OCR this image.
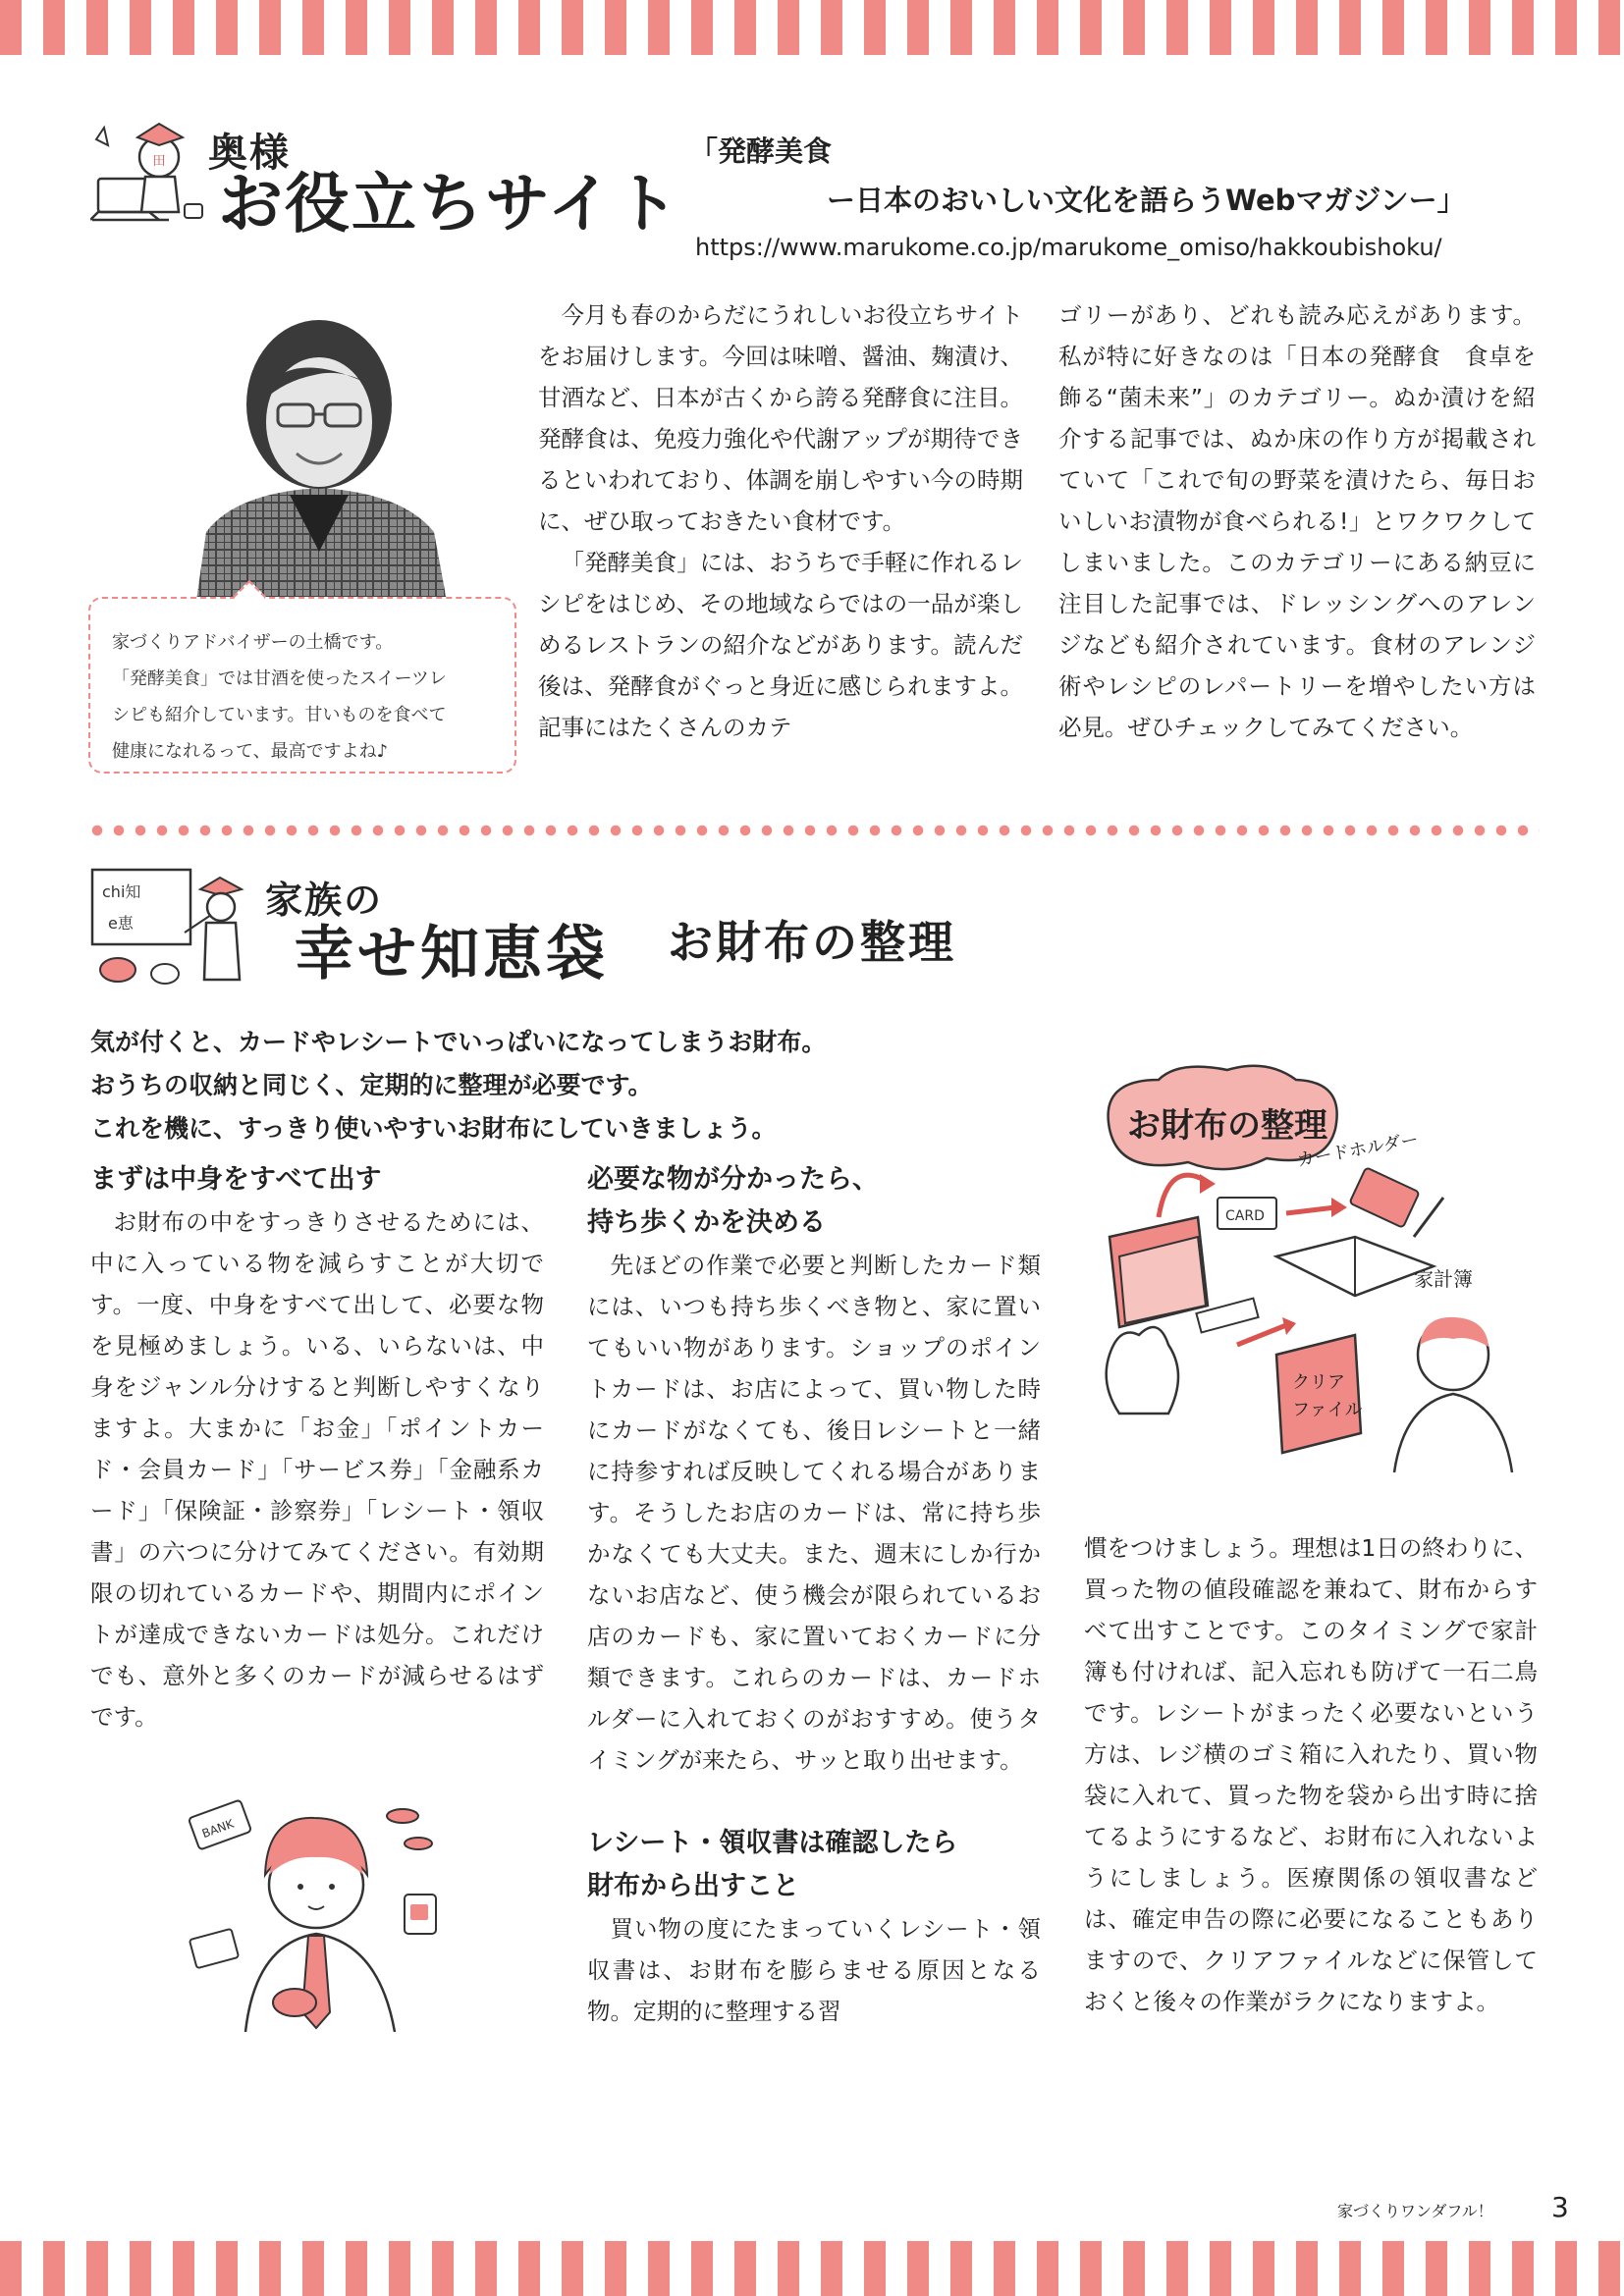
田 奥様
お役立ちサイト
「発酵美食
ー日本のおいしい文化を語らうWebマガジンー」
https://www.marukome.co.jp/marukome_omiso/hakkoubishoku/
家づくりアドバイザーの土橋です。
「発酵美食」では甘酒を使ったスイーツレ
シピも紹介しています。甘いものを食べて
健康になれるって、最高ですよね♪

今月も春のからだにうれしいお役立ちサイトをお届けします。今回は味噌、醤油、麹漬け、甘酒など、日本が古くから誇る発酵食に注目。発酵食は、免疫力強化や代謝アップが期待できるといわれており、体調を崩しやすい今の時期に、ぜひ取っておきたい食材です。

「発酵美食」には、おうちで手軽に作れるレシピをはじめ、その地域ならではの一品が楽しめるレストランの紹介などがあります。読んだ後は、発酵食がぐっと身近に感じられますよ。記事にはたくさんのカテ

ゴリーがあり、どれも読み応えがあります。私が特に好きなのは「日本の発酵食　食卓を飾る“菌未来”」のカテゴリー。ぬか漬けを紹介する記事では、ぬか床の作り方が掲載されていて「これで旬の野菜を漬けたら、毎日おいしいお漬物が食べられる!」とワクワクしてしまいました。このカテゴリーにある納豆に注目した記事では、ドレッシングへのアレンジなども紹介されています。食材のアレンジ術やレシピのレパートリーを増やしたい方は必見。ぜひチェックしてみてください。

chi知
e恵
家族の
幸せ知恵袋 お財布の整理
気が付くと、カードやレシートでいっぱいになってしまうお財布。
おうちの収納と同じく、定期的に整理が必要です。
これを機に、すっきり使いやすいお財布にしていきましょう。
まずは中身をすべて出す

お財布の中をすっきりさせるためには、中に入っている物を減らすことが大切です。一度、中身をすべて出して、必要な物を見極めましょう。いる、いらないは、中身をジャンル分けすると判断しやすくなりますよ。大まかに「お金」「ポイントカード・会員カード」「サービス券」「金融系カード」「保険証・診察券」「レシート・領収書」の六つに分けてみてください。有効期限の切れているカードや、期間内にポイントが達成できないカードは処分。これだけでも、意外と多くのカードが減らせるはずです。

BANK
必要な物が分かったら、
持ち歩くかを決める

先ほどの作業で必要と判断したカード類には、いつも持ち歩くべき物と、家に置いてもいい物があります。ショップのポイントカードは、お店によって、買い物した時にカードがなくても、後日レシートと一緒に持参すれば反映してくれる場合があります。そうしたお店のカードは、常に持ち歩かなくても大丈夫。また、週末にしか行かないお店など、使う機会が限られているお店のカードも、家に置いておくカードに分類できます。これらのカードは、カードホルダーに入れておくのがおすすめ。使うタイミングが来たら、サッと取り出せます。

レシート・領収書は確認したら
財布から出すこと

買い物の度にたまっていくレシート・領収書は、お財布を膨らませる原因となる物。定期的に整理する習

お財布の整理
カードホルダー
CARD
家計簿
クリア
ファイル

慣をつけましょう。理想は1日の終わりに、買った物の値段確認を兼ねて、財布からすべて出すことです。このタイミングで家計簿も付ければ、記入忘れも防げて一石二鳥です。レシートがまったく必要ないという方は、レジ横のゴミ箱に入れたり、買い物袋に入れて、買った物を袋から出す時に捨てるようにするなど、お財布に入れないようにしましょう。医療関係の領収書などは、確定申告の際に必要になることもありますので、クリアファイルなどに保管しておくと後々の作業がラクになりますよ。

家づくりワンダフル！ 3
